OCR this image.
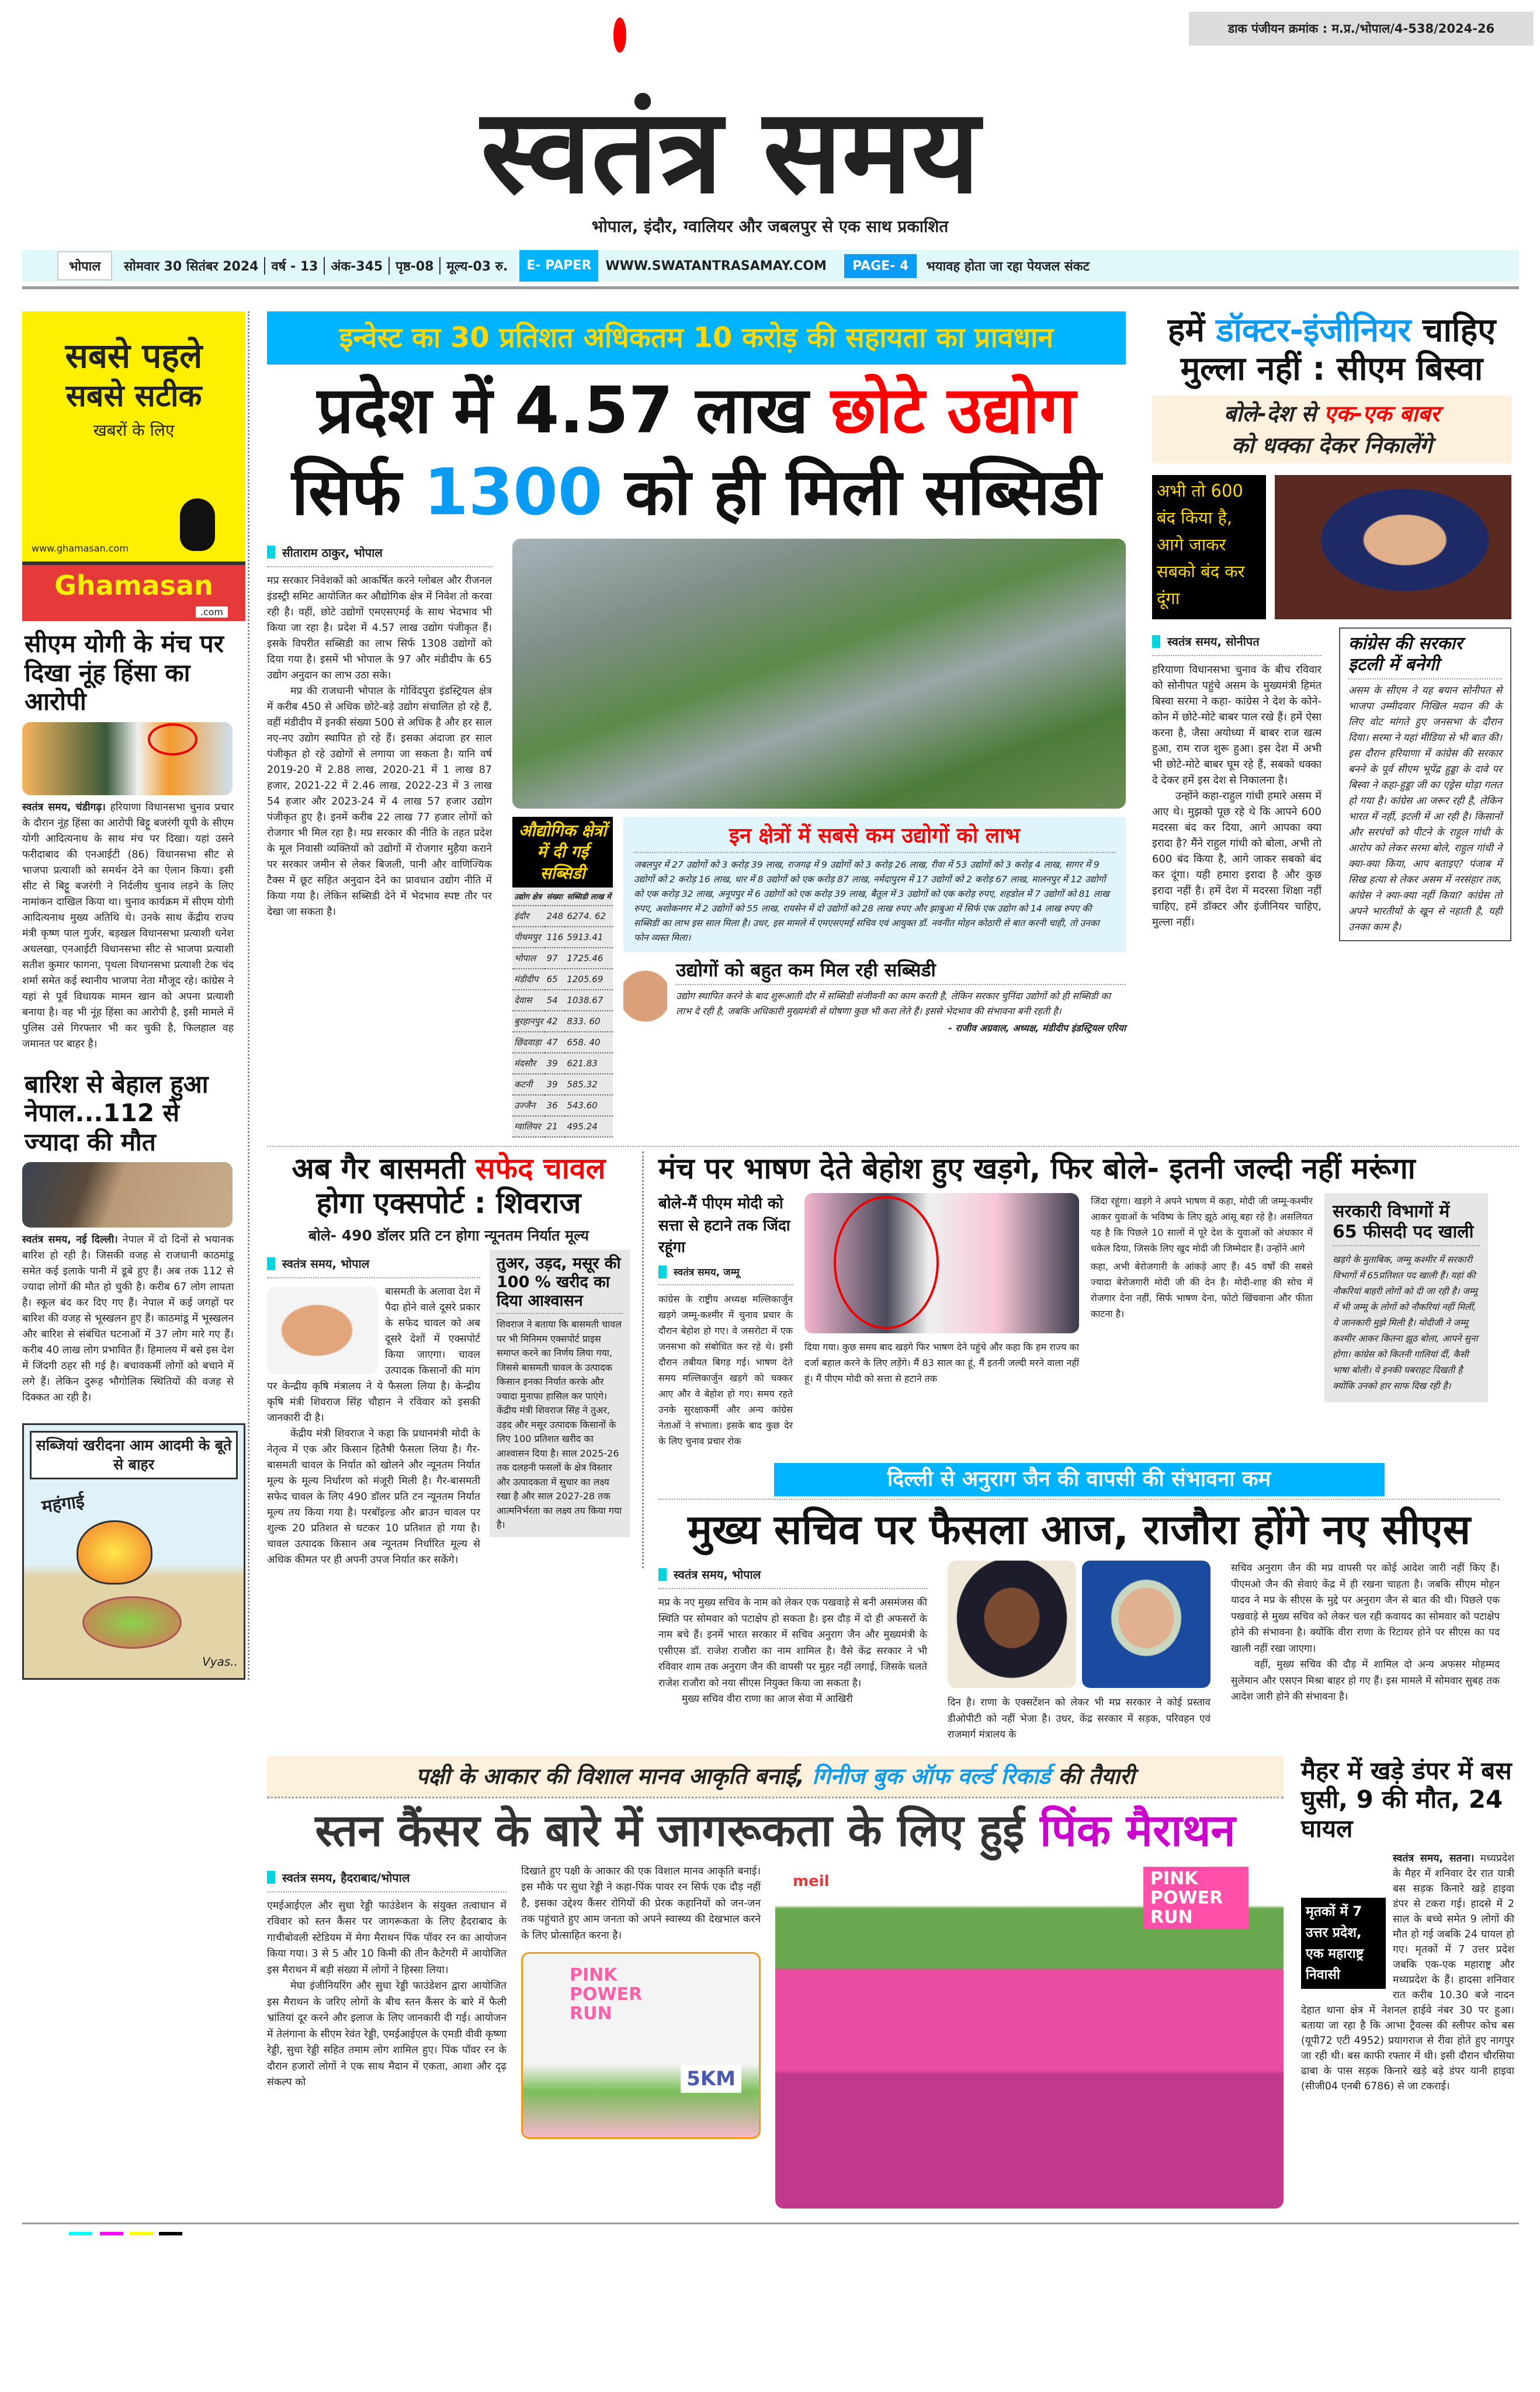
डाक पंजीयन क्रमांक : म.प्र./भोपाल/4-538/2024-26
स्वतंत्र समय
भोपाल, इंदौर, ग्वालियर और जबलपुर से एक साथ प्रकाशित
भोपाल	सोमवार 30 सितंबर 2024	वर्ष - 13	अंक-345	पृष्ठ-08	मूल्य-03 रु.	E- PAPER	WWW.SWATANTRASAMAY.COM	PAGE- 4	भयावह होता जा रहा पेयजल संकट
सबसे पहले
सबसे सटीक
खबरों के लिए
www.ghamasan.com
Ghamasan
.com
सीएम योगी के मंच पर दिखा नूंह हिंसा का आरोपी
स्वतंत्र समय, चंडीगढ़। हरियाणा विधानसभा चुनाव प्रचार के दौरान नूंह हिंसा का आरोपी बिट्टू बजरंगी यूपी के सीएम योगी आदित्यनाथ के साथ मंच पर दिखा। यहां उसने फरीदाबाद की एनआईटी (86) विधानसभा सीट से भाजपा प्रत्याशी को समर्थन देने का ऐलान किया। इसी सीट से बिट्टू बजरंगी ने निर्दलीय चुनाव लड़ने के लिए नामांकन दाखिल किया था। चुनाव कार्यक्रम में सीएम योगी आदित्यनाथ मुख्य अतिथि थे। उनके साथ केंद्रीय राज्य मंत्री कृष्ण पाल गुर्जर, बड़खल विधानसभा प्रत्याशी धनेश अधलखा, एनआईटी विधानसभा सीट से भाजपा प्रत्याशी सतीश कुमार फागना, पृथला विधानसभा प्रत्याशी टेक चंद शर्मा समेत कई स्थानीय भाजपा नेता मौजूद रहे। कांग्रेस ने यहां से पूर्व विधायक मामन खान को अपना प्रत्याशी बनाया है। वह भी नूंह हिंसा का आरोपी है, इसी मामले में पुलिस उसे गिरफ्तार भी कर चुकी है, फिलहाल वह जमानत पर बाहर है।
बारिश से बेहाल हुआ नेपाल...112 से ज्यादा की मौत
स्वतंत्र समय, नई दिल्ली। नेपाल में दो दिनों से भयानक बारिश हो रही है। जिसकी वजह से राजधानी काठमांडू समेत कई इलाके पानी में डूबे हुए हैं। अब तक 112 से ज्यादा लोगों की मौत हो चुकी है। करीब 67 लोग लापता है। स्कूल बंद कर दिए गए हैं। नेपाल में कई जगहों पर बारिश की वजह से भूस्खलन हुए हैं। काठमांडू में भूस्खलन और बारिश से संबंधित घटनाओं में 37 लोग मारे गए हैं। करीब 40 लाख लोग प्रभावित हैं। हिमालय में बसे इस देश में जिंदगी ठहर सी गई है। बचावकर्मी लोगों को बचाने में लगे हैं। लेकिन दुरूह भौगोलिक स्थितियों की वजह से दिक्कत आ रही है।
सब्जियां खरीदना आम आदमी के बूते से बाहर
महंगाई
Vyas..
इन्वेस्ट का 30 प्रतिशत अधिकतम 10 करोड़ की सहायता का प्रावधान
प्रदेश में 4.57 लाख छोटे उद्योग
सिर्फ 1300 को ही मिली सब्सिडी
सीताराम ठाकुर, भोपाल

मप्र सरकार निवेशकों को आकर्षित करने ग्लोबल और रीजनल इंडस्ट्री समिट आयोजित कर औद्योगिक क्षेत्र में निवेश तो करवा रही है। वहीं, छोटे उद्योगों एमएसएमई के साथ भेदभाव भी किया जा रहा है। प्रदेश में 4.57 लाख उद्योग पंजीकृत हैं। इसके विपरीत सब्सिडी का लाभ सिर्फ 1308 उद्योगों को दिया गया है। इसमें भी भोपाल के 97 और मंडीदीप के 65 उद्योग अनुदान का लाभ उठा सके।

मप्र की राजधानी भोपाल के गोविंदपुरा इंडस्ट्रियल क्षेत्र में करीब 450 से अधिक छोटे-बड़े उद्योग संचालित हो रहे हैं, वहीं मंडीदीप में इनकी संख्या 500 से अधिक है और हर साल नए-नए उद्योग स्थापित हो रहे हैं। इसका अंदाजा हर साल पंजीकृत हो रहे उद्योगों से लगाया जा सकता है। यानि वर्ष 2019-20 में 2.88 लाख, 2020-21 में 1 लाख 87 हजार, 2021-22 में 2.46 लाख, 2022-23 में 3 लाख 54 हजार और 2023-24 में 4 लाख 57 हजार उद्योग पंजीकृत हुए है। इनमें करीब 22 लाख 77 हजार लोगों को रोजगार भी मिल रहा है। मप्र सरकार की नीति के तहत प्रदेश के मूल निवासी व्यक्तियों को उद्योगों में रोजगार मुहैया कराने पर सरकार जमीन से लेकर बिजली, पानी और वाणिज्यिक टैक्स में छूट सहित अनुदान देने का प्रावधान उद्योग नीति में किया गया है। लेकिन सब्सिडी देने में भेदभाव स्पष्ट तौर पर देखा जा सकता है।

औद्योगिक क्षेत्रों में दी गई सब्सिडी
उद्योग क्षेत्र	संख्या	सब्सिडी लाख में
इंदौर	248	6274. 62
पीथमपुर	116	5913.41
भोपाल	97	1725.46
मंडीदीप	65	1205.69
देवास	54	1038.67
बुरहानपुर	42	833. 60
छिंदवाड़ा	47	658. 40
मंदसौर	39	621.83
कटनी	39	585.32
उज्जैन	36	543.60
ग्वालियर	21	495.24
इन क्षेत्रों में सबसे कम उद्योगों को लाभ
जबलपुर में 27 उद्योगों को 3 करोड़ 39 लाख, राजगढ़ में 9 उद्योगों को 3 करोड़ 26 लाख, रीवा में 53 उद्योगों को 3 करोड़ 4 लाख, सागर में 9 उद्योगों को 2 करोड़ 16 लाख, धार में 8 उद्योगों को एक करोड़ 87 लाख, नर्मदापुरम में 17 उद्योगों को 2 करोड़ 67 लाख, मालनपुर में 12 उद्योगों को एक करोड़ 32 लाख, अनूपपुर में 6 उद्योगों को एक करोड़ 39 लाख, बैतूल में 3 उद्योगों को एक करोड़ रुपए, शहडोल में 7 उद्योगों को 81 लाख रुपए, अशोकनगर में 2 उद्योगों को 55 लाख, रायसेन में दो उद्योगों को 28 लाख रुपए और झाबुआ में सिर्फ एक उद्योग को 14 लाख रुपए की सब्सिडी का लाभ इस साल मिला है। उधर, इस मामले में एमएसएमई सचिव एवं आयुक्त डॉ. नवनीत मोहन कोठारी से बात करनी चाही, तो उनका फोन व्यस्त मिला।
उद्योगों को बहुत कम मिल रही सब्सिडी
उद्योग स्थापित करने के बाद शुरूआती दौर में सब्सिडी संजीवनी का काम करती है, लेकिन सरकार चुनिंदा उद्योगों को ही सब्सिडी का लाभ दे रही है, जबकि अधिकारी मुख्यमंत्री से घोषणा कुछ भी करा लेते हैं। इससे भेदभाव की संभावना बनी रहती है।
- राजीव अग्रवाल, अध्यक्ष, मंडीदीप इंडस्ट्रियल एरिया
हमें डॉक्टर-इंजीनियर चाहिए
मुल्ला नहीं : सीएम बिस्वा
बोले-देश से एक-एक बाबर
को धक्का देकर निकालेंगे
अभी तो 600 बंद किया है, आगे जाकर सबको बंद कर दूंगा
स्वतंत्र समय, सोनीपत

हरियाणा विधानसभा चुनाव के बीच रविवार को सोनीपत पहुंचे असम के मुख्यमंत्री हिमंत बिस्वा सरमा ने कहा- कांग्रेस ने देश के कोने-कोन में छोटे-मोटे बाबर पाल रखे हैं। हमें ऐसा करना है, जैसा अयोध्या में बाबर राज खत्म हुआ, राम राज शुरू हुआ। इस देश में अभी भी छोटे-मोटे बाबर घूम रहे हैं, सबको धक्का दे देकर हमें इस देश से निकालना है।

उन्होंने कहा-राहुल गांधी हमारे असम में आए थे। मुझको पूछ रहे थे कि आपने 600 मदरसा बंद कर दिया, आगे आपका क्या इरादा है? मैंने राहुल गांधी को बोला, अभी तो 600 बंद किया है, आगे जाकर सबको बंद कर दूंगा। यही हमारा इरादा है और कुछ इरादा नहीं है। हमें देश में मदरसा शिक्षा नहीं चाहिए, हमें डॉक्टर और इंजीनियर चाहिए, मुल्ला नहीं।

कांग्रेस की सरकार इटली में बनेगी
असम के सीएम ने यह बयान सोनीपत से भाजपा उम्मीदवार निखिल मदान की के लिए वोट मांगते हुए जनसभा के दौरान दिया। सरमा ने यहां मीडिया से भी बात की। इस दौरान हरियाणा में कांग्रेस की सरकार बनने के पूर्व सीएम भूपेंद्र हुड्डा के दावे पर बिस्वा ने कहा-हुड्डा जी का एड्रेस थोड़ा गलत हो गया है। कांग्रेस आ जरूर रही है, लेकिन भारत में नहीं, इटली में आ रही है। किसानों और सरपंचों को पीटने के राहुल गांधी के आरोप को लेकर सरमा बोले, राहुल गांधी ने क्या-क्या किया, आप बताइए? पंजाब में सिख हत्या से लेकर असम में नरसंहार तक, कांग्रेस ने क्या-क्या नहीं किया? कांग्रेस तो अपने भारतीयों के खून से नहाती है, यही उनका काम है।
अब गैर बासमती सफेद चावल
होगा एक्सपोर्ट : शिवराज
बोले- 490 डॉलर प्रति टन होगा न्यूनतम निर्यात मूल्य
स्वतंत्र समय, भोपाल

बासमती के अलावा देश में पैदा होने वाले दूसरे प्रकार के सफेद चावल को अब दूसरे देशों में एक्सपोर्ट किया जाएगा। चावल उत्पादक किसानों की मांग पर केन्द्रीय कृषि मंत्रालय ने ये फैसला लिया है। केन्द्रीय कृषि मंत्री शिवराज सिंह चौहान ने रविवार को इसकी जानकारी दी है।

केंद्रीय मंत्री शिवराज ने कहा कि प्रधानमंत्री मोदी के नेतृत्व में एक और किसान हितैषी फैसला लिया है। गैर-बासमती चावल के निर्यात को खोलने और न्यूनतम निर्यात मूल्य के मूल्य निर्धारण को मंजूरी मिली है। गैर-बासमती सफेद चावल के लिए 490 डॉलर प्रति टन न्यूनतम निर्यात मूल्य तय किया गया है। परबॉइल्ड और ब्राउन चावल पर शुल्क 20 प्रतिशत से घटकर 10 प्रतिशत हो गया है। चावल उत्पादक किसान अब न्यूनतम निर्धारित मूल्य से अधिक कीमत पर ही अपनी उपज निर्यात कर सकेंगे।

तुअर, उड़द, मसूर की 100 % खरीद का दिया आश्वासन
शिवराज ने बताया कि बासमती चावल पर भी मिनिमम एक्सपोर्ट प्राइस समाप्त करने का निर्णय लिया गया, जिससे बासमती चावल के उत्पादक किसान इनका निर्यात करके और ज्यादा मुनाफा हासिल कर पाएंगे। केंद्रीय मंत्री शिवराज सिंह ने तुअर, उड़द और मसूर उत्पादक किसानों के लिए 100 प्रतिशत खरीद का आश्वासन दिया है। साल 2025-26 तक दलहनी फसलों के क्षेत्र विस्तार और उत्पादकता में सुधार का लक्ष्य रखा है और साल 2027-28 तक आत्मनिर्भरता का लक्ष्य तय किया गया है।
मंच पर भाषण देते बेहोश हुए खड़गे, फिर बोले- इतनी जल्दी नहीं मरूंगा
बोले-मैं पीएम मोदी को सत्ता से हटाने तक जिंदा रहूंगा
स्वतंत्र समय, जम्मू
कांग्रेस के राष्ट्रीय अध्यक्ष मल्लिकार्जुन खड़गे जम्मू-कश्मीर में चुनाव प्रचार के दौरान बेहोश हो गए। वे जसरोटा में एक जनसभा को संबोधित कर रहे थे। इसी दौरान तबीयत बिगड़ गई। भाषण देते समय मल्लिकार्जुन खड़गे को चक्कर आए और वे बेहोश हो गए। समय रहते उनके सुरक्षाकर्मी और अन्य कांग्रेस नेताओं ने संभाला। इसके बाद कुछ देर के लिए चुनाव प्रचार रोक
दिया गया। कुछ समय बाद खड़गे फिर भाषण देने पहुंचे और कहा कि हम राज्य का दर्जा बहाल करने के लिए लड़ेंगे। मैं 83 साल का हूं, मैं इतनी जल्दी मरने वाला नहीं हूं। मैं पीएम मोदी को सत्ता से हटाने तक
जिंदा रहूंगा। खड़गे ने अपने भाषण में कहा, मोदी जी जम्मू-कश्मीर आकर युवाओं के भविष्य के लिए झूठे आंसू बहा रहे है। असलियत यह है कि पिछले 10 सालों में पूरे देश के युवाओं को अंधकार में धकेल दिया, जिसके लिए खुद मोदी जी जिम्मेदार हैं। उन्होंने आगे
कहा, अभी बेरोजगारी के आंकड़े आए हैं। 45 वर्षों की सबसे ज्यादा बेरोजगारी मोदी जी की देन है। मोदी-शाह की सोच में रोजगार देना नहीं, सिर्फ भाषण देना, फोटो खिंचवाना और फीता काटना है।
सरकारी विभागों में 65 फीसदी पद खाली
खड़गे के मुताबिक, जम्मू कश्मीर में सरकारी विभागों में 65प्रतिशत पद खाली हैं। यहां की नौकरियां बाहरी लोगों को दी जा रही है। जम्मू में भी जम्मू के लोगों को नौकरियां नहीं मिलीं, ये जानकारी मुझे मिली है। मोदीजी ने जम्मू कश्मीर आकर कितना झूठ बोला, आपने सुना होगा। कांग्रेस को कितनी गालियां दीं, कैसी भाषा बोली। ये इनकी घबराहट दिखती है क्योंकि उनको हार साफ दिख रही है।
दिल्ली से अनुराग जैन की वापसी की संभावना कम
मुख्य सचिव पर फैसला आज, राजौरा होंगे नए सीएस
स्वतंत्र समय, भोपाल

मप्र के नए मुख्य सचिव के नाम को लेकर एक पखवाड़े से बनी असमंजस की स्थिति पर सोमवार को पटाक्षेप हो सकता है। इस दौड़ में दो ही अफसरों के नाम बचे हैं। इनमें भारत सरकार में सचिव अनुराग जैन और मुख्यमंत्री के एसीएस डॉ. राजेश राजौरा का नाम शामिल है। वैसे केंद्र सरकार ने भी रविवार शाम तक अनुराग जैन की वापसी पर मुहर नहीं लगाई, जिसके चलते राजेश राजौरा को नया सीएस नियुक्त किया जा सकता है।

मुख्य सचिव वीरा राणा का आज सेवा में आखिरी	दिन है। राणा के एक्सटेंशन को लेकर भी मप्र सरकार ने कोई प्रस्ताव डीओपीटी को नहीं भेजा है। उधर, केंद्र सरकार में सड़क, परिवहन एवं राजमार्ग मंत्रालय के

सचिव अनुराग जैन की मप्र वापसी पर कोई आदेश जारी नहीं किए हैं। पीएमओ जैन की सेवाएं केंद्र में ही रखना चाहता है। जबकि सीएम मोहन यादव ने मप्र के सीएस के मुद्दे पर अनुराग जैन से बात की थी। पिछले एक पखवाड़े से मुख्य सचिव को लेकर चल रही कवायद का सोमवार को पटाक्षेप होने की संभावना है। क्योंकि वीरा राणा के रिटायर होने पर सीएस का पद खाली नहीं रखा जाएगा।

वहीं, मुख्य सचिव की दौड़ में शामिल दो अन्य अफसर मोहम्मद सुलेमान और एसएन मिश्रा बाहर हो गए हैं। इस मामले में सोमवार सुबह तक आदेश जारी होने की संभावना है।

पक्षी के आकार की विशाल मानव आकृति बनाई, गिनीज बुक ऑफ वर्ल्ड रिकार्ड की तैयारी
स्तन कैंसर के बारे में जागरूकता के लिए हुई पिंक मैराथन
स्वतंत्र समय, हैदराबाद/भोपाल

एमईआईएल और सुधा रेड्डी फाउंडेशन के संयुक्त तत्वाधान में रविवार को स्तन कैंसर पर जागरूकता के लिए हैदराबाद के गाचीबोवली स्टेडियम में मेगा मैराथन पिंक पॉवर रन का आयोजन किया गया। 3 से 5 और 10 किमी की तीन कैटेगरी में आयोजित इस मैराथन में बड़ी संख्या में लोगों ने हिस्सा लिया।

मेघा इंजीनियरिंग और सुधा रेड्डी फाउंडेशन द्वारा आयोजित इस मैराथन के जरिए लोगों के बीच स्तन कैंसर के बारे में फैली भ्रांतियां दूर करने और इलाज के लिए जानकारी दी गई। आयोजन में तेलंगाना के सीएम रेवंत रेड्डी, एमईआईएल के एमडी वीवी कृष्णा रेड्डी, सुधा रेड्डी सहित तमाम लोग शामिल हुए। पिंक पॉवर रन के दौरान हजारों लोगों ने एक साथ मैदान में एकता, आशा और दृढ़ संकल्प को

दिखाते हुए पक्षी के आकार की एक विशाल मानव आकृति बनाई। इस मौके पर सुधा रेड्डी ने कहा-पिंक पावर रन सिर्फ एक दौड़ नहीं है, इसका उद्देश्य कैंसर रोगियों की प्रेरक कहानियों को जन-जन तक पहुंचाते हुए आम जनता को अपने स्वास्थ्य की देखभाल करने के लिए प्रोत्साहित करना है।
PINK POWER RUN
5KM
meil	PINK POWER RUN
मैहर में खड़े डंपर में बस घुसी, 9 की मौत, 24 घायल
मृतकों में 7 उत्तर प्रदेश, एक महाराष्ट्र निवासी
स्वतंत्र समय, सतना। मध्यप्रदेश के मैहर में शनिवार देर रात यात्री बस सड़क किनारे खड़े हाइवा डंपर से टकरा गई। हादसे में 2 साल के बच्चे समेत 9 लोगों की मौत हो गई जबकि 24 घायल हो गए। मृतकों में 7 उत्तर प्रदेश जबकि एक-एक महाराष्ट्र और मध्यप्रदेश के हैं। हादसा शनिवार रात करीब 10.30 बजे नादन देहात थाना क्षेत्र में नेशनल हाईवे नंबर 30 पर हुआ। बताया जा रहा है कि आभा ट्रैवल्स की स्लीपर कोच बस (यूपी72 एटी 4952) प्रयागराज से रीवा होते हुए नागपुर जा रही थी। बस काफी रफ्तार में थी। इसी दौरान चौरसिया ढाबा के पास सड़क किनारे खड़े बड़े डंपर यानी हाइवा (सीजी04 एनबी 6786) से जा टकराई।
